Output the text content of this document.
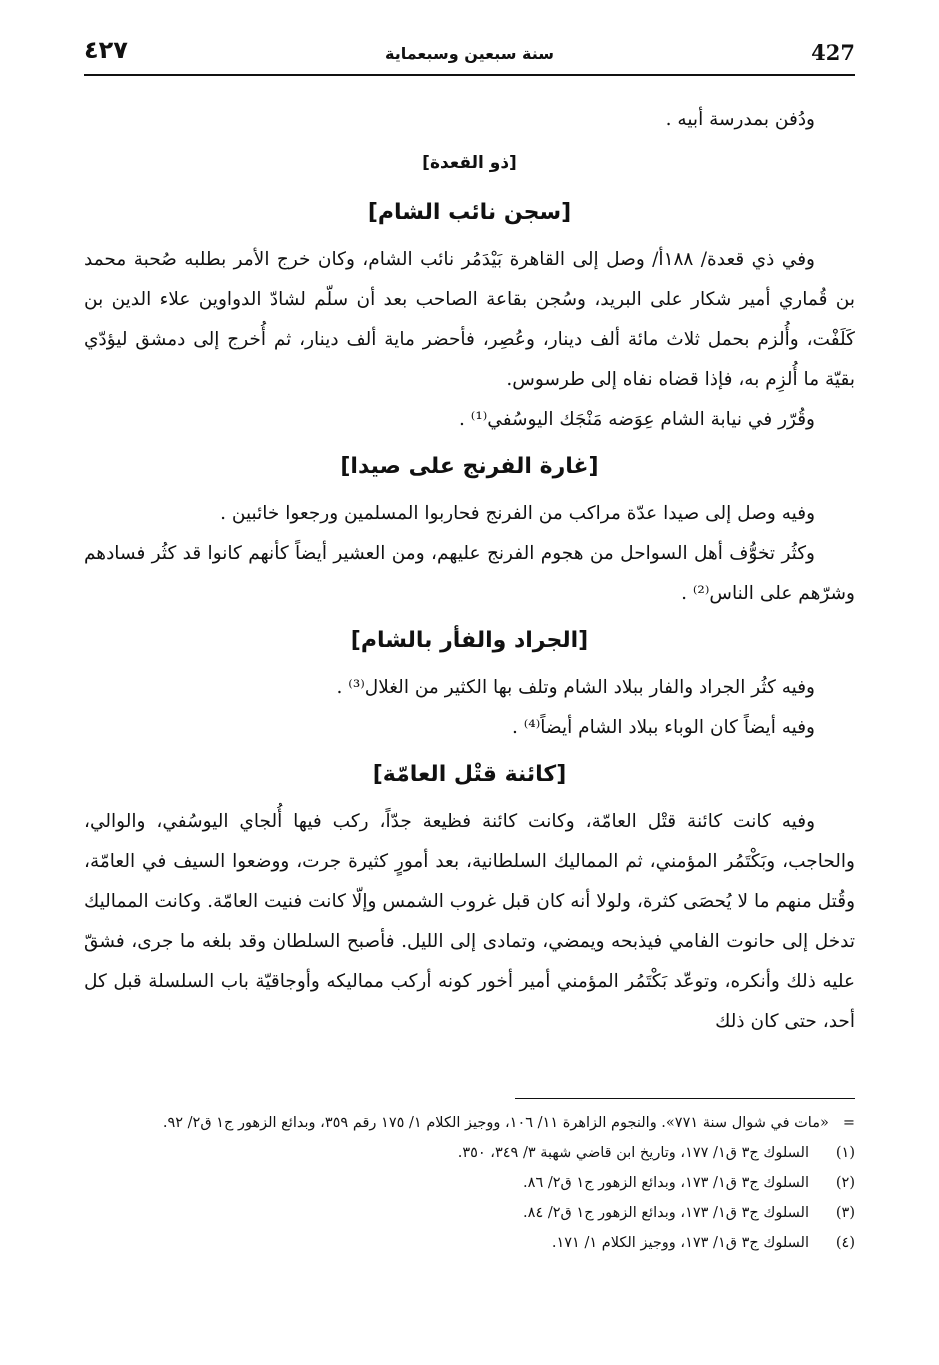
٤٢٧	سنة سبعين وسبعماية	427

ودُفن بمدرسة أبيه .

[ذو القعدة]
[سجن نائب الشام]

وفي ذي قعدة/ ١٨٨أ/ وصل إلى القاهرة بَيْدَمُر نائب الشام، وكان خرج الأمر بطلبه صُحبة محمد بن قُماري أمير شكار على البريد، وسُجن بقاعة الصاحب بعد أن سلّم لشادّ الدواوين علاء الدين بن كَلَفْت، وأُلزم بحمل ثلاث مائة ألف دينار، وعُصِر، فأحضر ماية ألف دينار، ثم أُخرج إلى دمشق ليؤدّي بقيّة ما أُلزِم به، فإذا قضاه نفاه إلى طرسوس.

وقُرّر في نيابة الشام عِوَضه مَنْجَك اليوسُفي⁽¹⁾ .

[غارة الفرنج على صيدا]

وفيه وصل إلى صيدا عدّة مراكب من الفرنج فحاربوا المسلمين ورجعوا خائبين .

وكثُر تخوُّف أهل السواحل من هجوم الفرنج عليهم، ومن العشير أيضاً كأنهم كانوا قد كثُر فسادهم وشرّهم على الناس⁽²⁾ .

[الجراد والفأر بالشام]

وفيه كثُر الجراد والفار ببلاد الشام وتلف بها الكثير من الغلال⁽³⁾ .

وفيه أيضاً كان الوباء ببلاد الشام أيضاً⁽⁴⁾ .

[كائنة قتْل العامّة]

وفيه كانت كائنة قتْل العامّة، وكانت كائنة فظيعة جدّاً، ركب فيها أُلجاي اليوسُفي، والوالي، والحاجب، وبَكْتَمُر المؤمني، ثم المماليك السلطانية، بعد أمورٍ كثيرة جرت، ووضعوا السيف في العامّة، وقُتل منهم ما لا يُحصَى كثرة، ولولا أنه كان قبل غروب الشمس وإلّا كانت فنيت العامّة. وكانت المماليك تدخل إلى حانوت الفامي فيذبحه ويمضي، وتمادى إلى الليل. فأصبح السلطان وقد بلغه ما جرى، فشقّ عليه ذلك وأنكره، وتوعّد بَكْتَمُر المؤمني أمير أخور كونه أركب مماليكه وأوجاقيّة باب السلسلة قبل كل أحد، حتى كان ذلك

=
«مات في شوال سنة ٧٧١». والنجوم الزاهرة ١١/ ١٠٦، ووجيز الكلام ١/ ١٧٥ رقم ٣٥٩، وبدائع الزهور ج١ ق٢/ ٩٢.
(١)
السلوك ج٣ ق١/ ١٧٧، وتاريخ ابن قاضي شهبة ٣/ ٣٤٩، ٣٥٠.
(٢)
السلوك ج٣ ق١/ ١٧٣، وبدائع الزهور ج١ ق٢/ ٨٦.
(٣)
السلوك ج٣ ق١/ ١٧٣، وبدائع الزهور ج١ ق٢/ ٨٤.
(٤)
السلوك ج٣ ق١/ ١٧٣، ووجيز الكلام ١/ ١٧١.
